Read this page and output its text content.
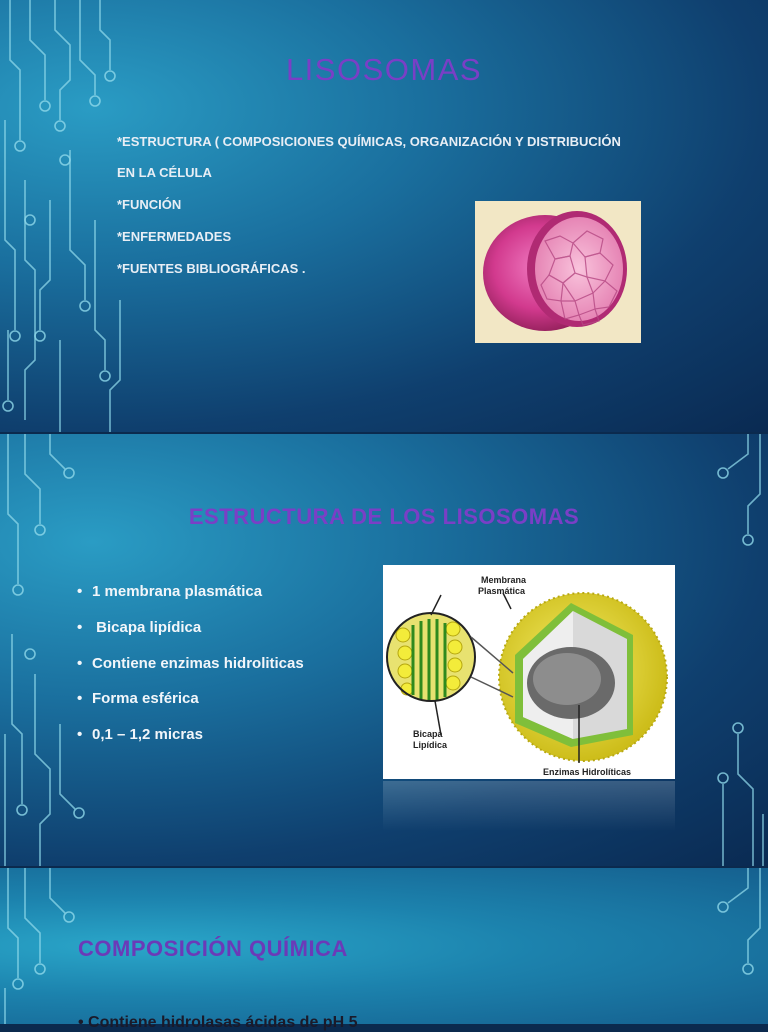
LISOSOMAS
*ESTRUCTURA ( COMPOSICIONES QUÍMICAS, ORGANIZACIÓN Y DISTRIBUCIÓN
EN LA CÉLULA
*FUNCIÓN
*ENFERMEDADES
*FUENTES BIBLIOGRÁFICAS .
ESTRUCTURA DE LOS LISOSOMAS
• 1 membrana plasmática
• Bicapa lipídica
• Contiene enzimas hidroliticas
• Forma esférica
• 0,1 – 1,2 micras
Membrana
Plasmática
Bicapa
Lipídica
Enzimas Hidrolíticas
COMPOSICIÓN QUÍMICA
• Contiene hidrolasas ácidas de pH 5
